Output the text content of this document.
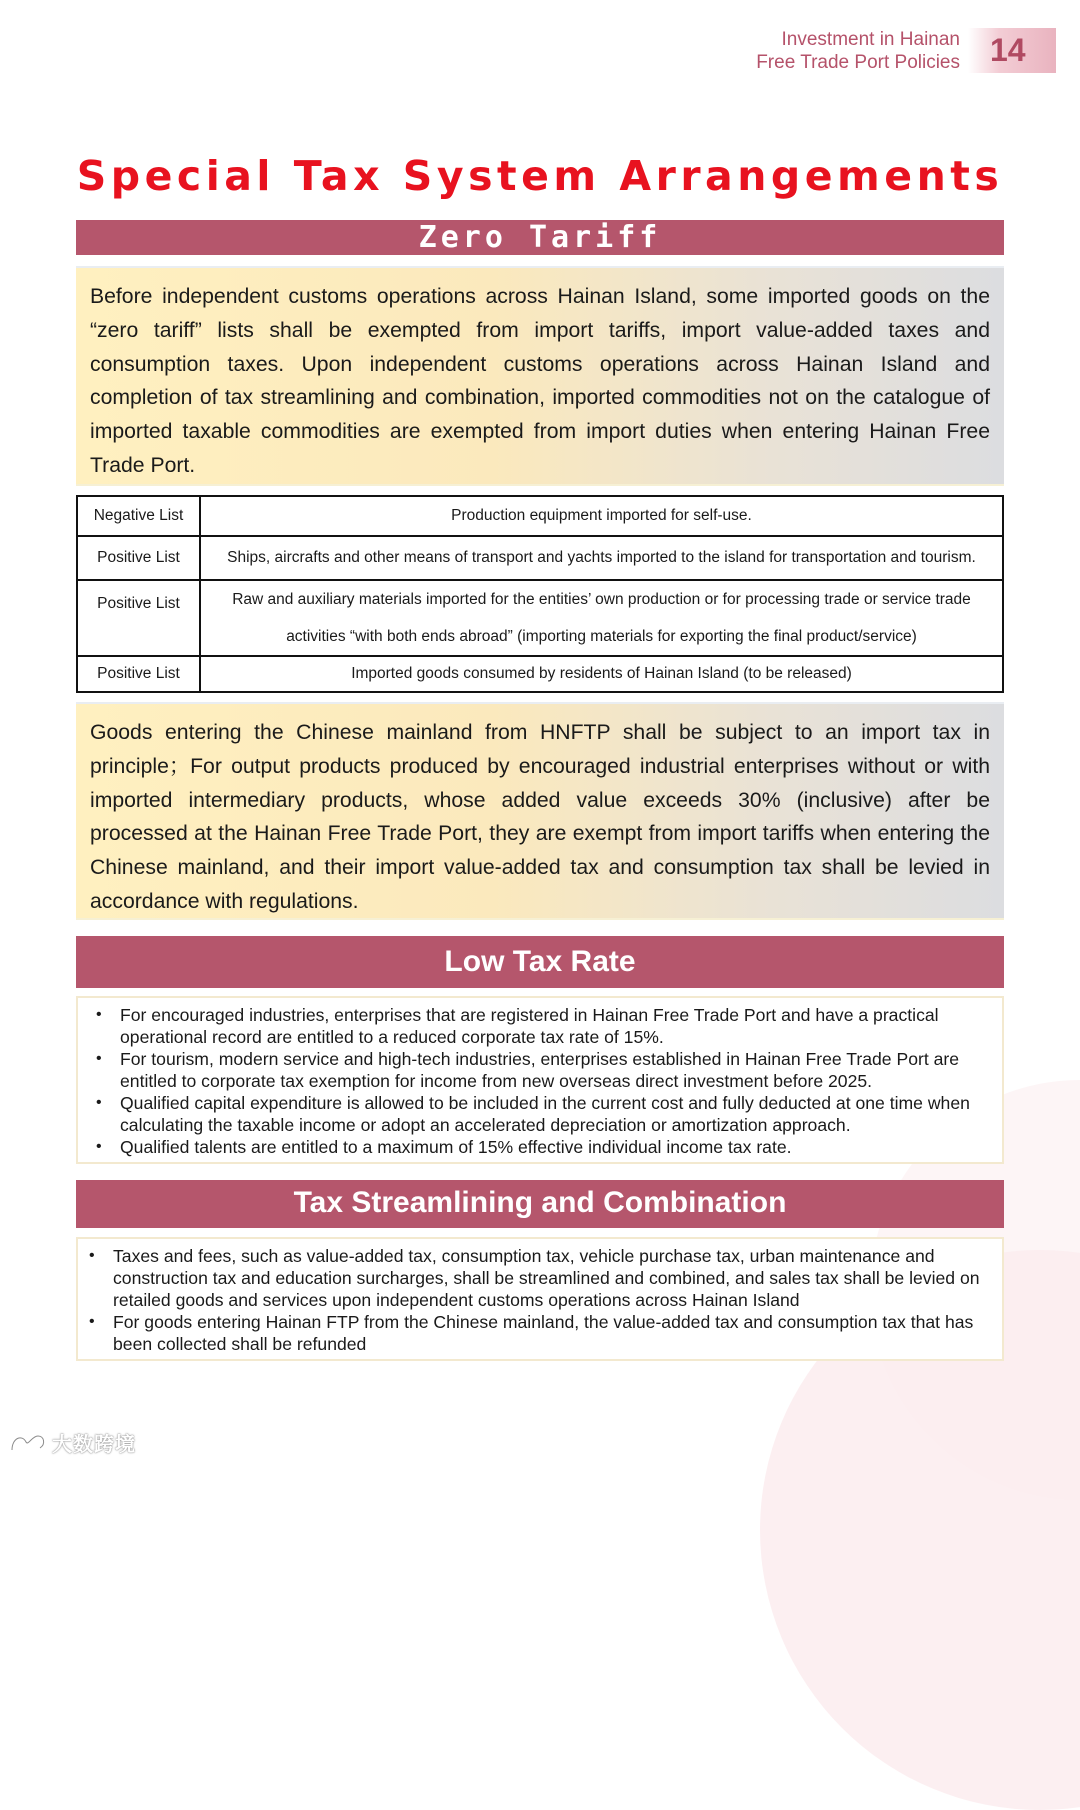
Investment in Hainan
Free Trade Port Policies 14
Special Tax System Arrangements
Zero Tariff
Before independent customs operations across Hainan Island, some imported goods on the “zero tariff” lists shall be exempted from import tariffs, import value-added taxes and consumption taxes. Upon independent customs operations across Hainan Island and completion of tax streamlining and combination, imported commodities not on the catalogue of imported taxable commodities are exempted from import duties when entering Hainan Free Trade Port.
Negative List	Production equipment imported for self-use.
Positive List	Ships, aircrafts and other means of transport and yachts imported to the island for transportation and tourism.
Positive List	Raw and auxiliary materials imported for the entities’ own production or for processing trade or service trade activities “with both ends abroad” (importing materials for exporting the final product/service)
Positive List	Imported goods consumed by residents of Hainan Island (to be released)
Goods entering the Chinese mainland from HNFTP shall be subject to an import tax in principle；For output products produced by encouraged industrial enterprises without or with imported intermediary products, whose added value exceeds 30% (inclusive) after be processed at the Hainan Free Trade Port, they are exempt from import tariffs when entering the Chinese mainland, and their import value-added tax and consumption tax shall be levied in accordance with regulations.
Low Tax Rate
• For encouraged industries, enterprises that are registered in Hainan Free Trade Port and have a practical operational record are entitled to a reduced corporate tax rate of 15%.
• For tourism, modern service and high-tech industries, enterprises established in Hainan Free Trade Port are entitled to corporate tax exemption for income from new overseas direct investment before 2025.
• Qualified capital expenditure is allowed to be included in the current cost and fully deducted at one time when calculating the taxable income or adopt an accelerated depreciation or amortization approach.
• Qualified talents are entitled to a maximum of 15% effective individual income tax rate.
Tax Streamlining and Combination
• Taxes and fees, such as value-added tax, consumption tax, vehicle purchase tax, urban maintenance and construction tax and education surcharges, shall be streamlined and combined, and sales tax shall be levied on retailed goods and services upon independent customs operations across Hainan Island
• For goods entering Hainan FTP from the Chinese mainland, the value-added tax and consumption tax that has been collected shall be refunded
大数跨境
